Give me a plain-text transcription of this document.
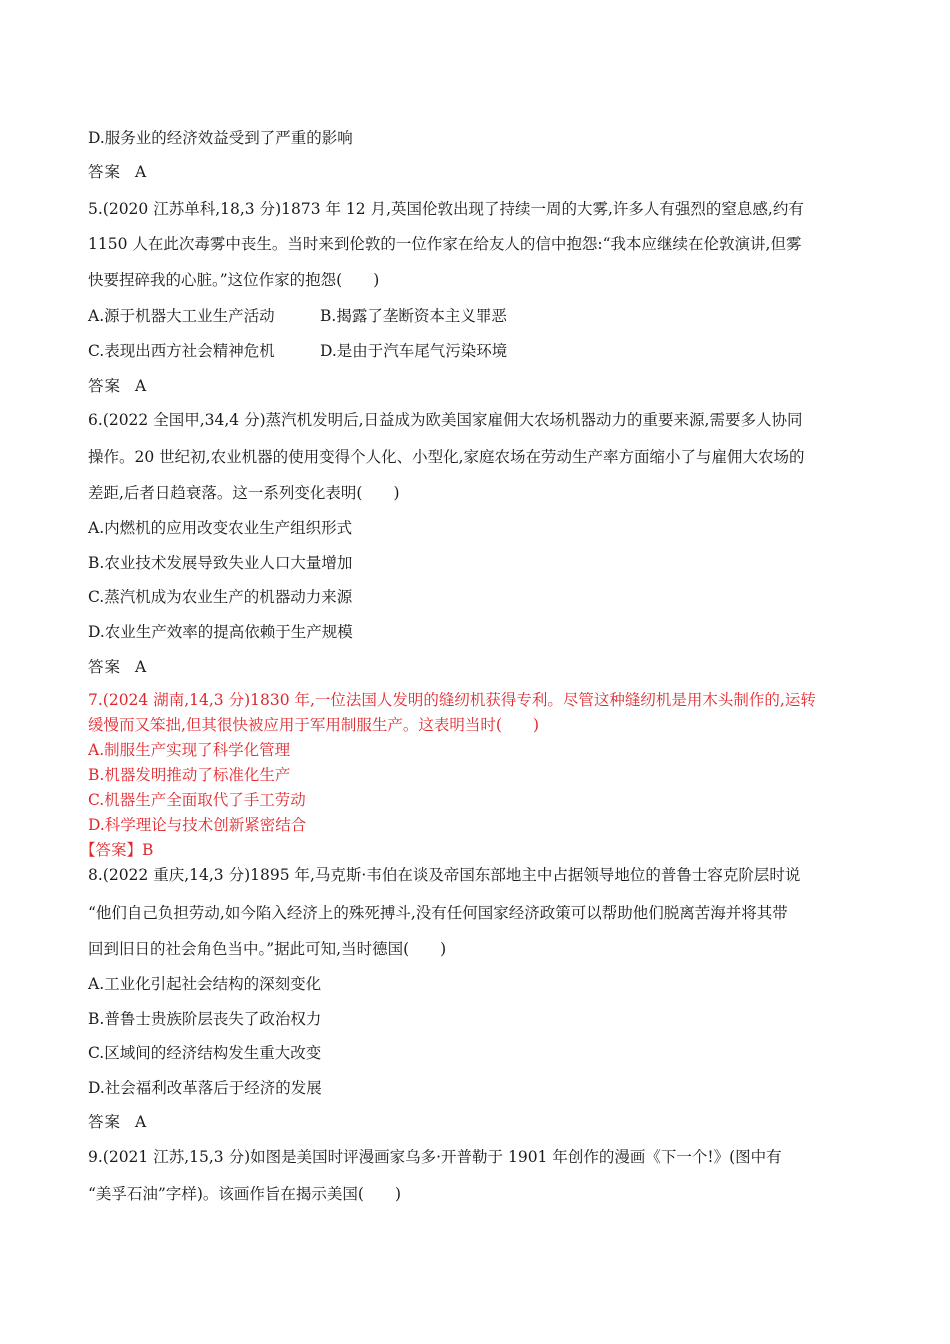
D.服务业的经济效益受到了严重的影响
答案 A
5.(2020 江苏单科,18,3 分)1873 年 12 月,英国伦敦出现了持续一周的大雾,许多人有强烈的窒息感,约有
1150 人在此次毒雾中丧生。当时来到伦敦的一位作家在给友人的信中抱怨:“我本应继续在伦敦演讲,但雾
快要捏碎我的心脏。”这位作家的抱怨(　　)
A.源于机器大工业生产活动	B.揭露了垄断资本主义罪恶
C.表现出西方社会精神危机	D.是由于汽车尾气污染环境
答案 A
6.(2022 全国甲,34,4 分)蒸汽机发明后,日益成为欧美国家雇佣大农场机器动力的重要来源,需要多人协同
操作。20 世纪初,农业机器的使用变得个人化、小型化,家庭农场在劳动生产率方面缩小了与雇佣大农场的
差距,后者日趋衰落。这一系列变化表明(　　)
A.内燃机的应用改变农业生产组织形式
B.农业技术发展导致失业人口大量增加
C.蒸汽机成为农业生产的机器动力来源
D.农业生产效率的提高依赖于生产规模
答案 A
7.(2024 湖南,14,3 分)1830 年,一位法国人发明的缝纫机获得专利。尽管这种缝纫机是用木头制作的,运转
缓慢而又笨拙,但其很快被应用于军用制服生产。这表明当时(　　)
A.制服生产实现了科学化管理
B.机器发明推动了标准化生产
C.机器生产全面取代了手工劳动
D.科学理论与技术创新紧密结合
【答案】B
8.(2022 重庆,14,3 分)1895 年,马克斯·韦伯在谈及帝国东部地主中占据领导地位的普鲁士容克阶层时说
“他们自己负担劳动,如今陷入经济上的殊死搏斗,没有任何国家经济政策可以帮助他们脱离苦海并将其带
回到旧日的社会角色当中。”据此可知,当时德国(　　)
A.工业化引起社会结构的深刻变化
B.普鲁士贵族阶层丧失了政治权力
C.区域间的经济结构发生重大改变
D.社会福利改革落后于经济的发展
答案 A
9.(2021 江苏,15,3 分)如图是美国时评漫画家乌多·开普勒于 1901 年创作的漫画《下一个!》(图中有
“美孚石油”字样)。该画作旨在揭示美国(　　)
